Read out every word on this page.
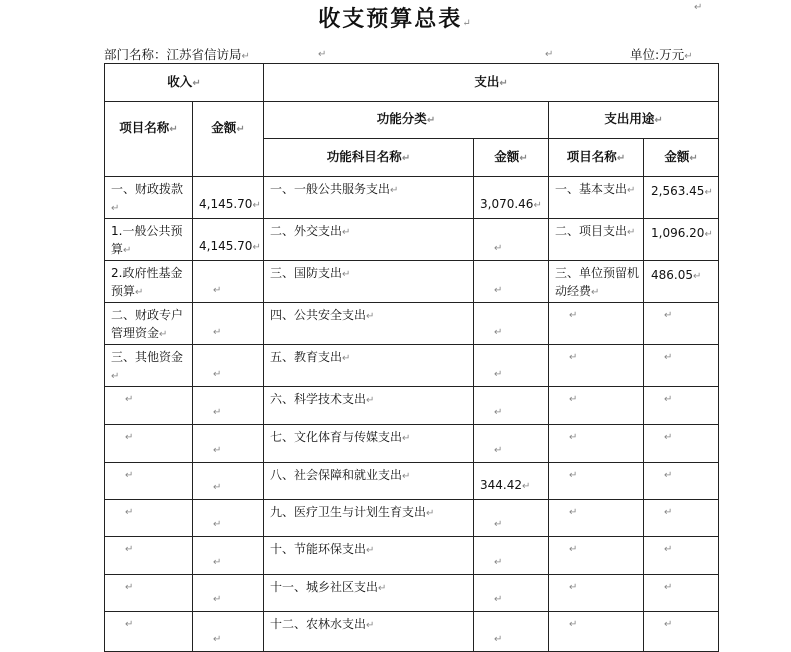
收支预算总表↵
↵
部门名称：江苏省信访局↵	↵	↵	单位:万元↵
收入↵		支出↵			
项目名称↵	金额↵	功能分类↵		支出用途↵	
		功能科目名称↵	金额↵	项目名称↵	金额↵

一、财政拨款↵	4,145.70↵	一、一般公共服务支出↵	3,070.46↵	一、基本支出↵	2,563.45↵

1.一般公共预算↵	4,145.70↵	二、外交支出↵	↵	二、项目支出↵	1,096.20↵

2.政府性基金预算↵	↵	三、国防支出↵	↵	三、单位预留机动经费↵	486.05↵

二、财政专户管理资金↵	↵	四、公共安全支出↵	↵	↵	↵

三、其他资金↵	↵	五、教育支出↵	↵	↵	↵

↵	↵	六、科学技术支出↵	↵	↵	↵

↵	↵	七、文化体育与传媒支出↵	↵	↵	↵

↵	↵	八、社会保障和就业支出↵	344.42↵	↵	↵

↵	↵	九、医疗卫生与计划生育支出↵	↵	↵	↵

↵	↵	十、节能环保支出↵	↵	↵	↵

↵	↵	十一、城乡社区支出↵	↵	↵	↵

↵	↵	十二、农林水支出↵	↵	↵	↵
